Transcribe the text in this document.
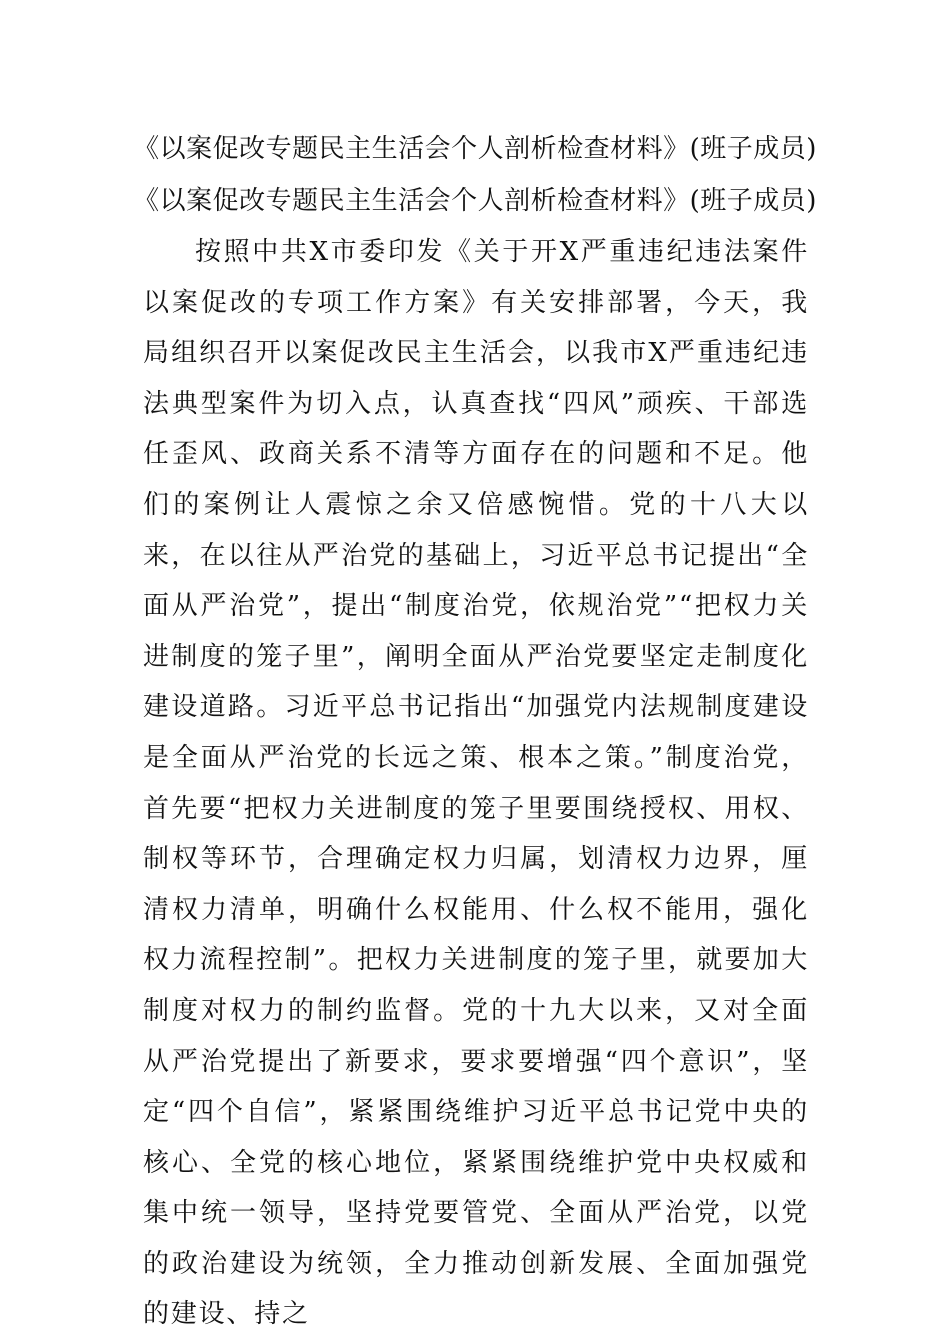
《以案促改专题民主生活会个人剖析检查材料》(班子成员)
《以案促改专题民主生活会个人剖析检查材料》(班子成员)

按照中共X市委印发《关于开X严重违纪违法案件以案促改的专项工作方案》有关安排部署，今天，我局组织召开以案促改民主生活会，以我市X严重违纪违法典型案件为切入点，认真查找“四风”顽疾、干部选任歪风、政商关系不清等方面存在的问题和不足。他们的案例让人震惊之余又倍感惋惜。党的十八大以来，在以往从严治党的基础上，习近平总书记提出“全面从严治党”，提出“制度治党，依规治党”“把权力关进制度的笼子里”，阐明全面从严治党要坚定走制度化建设道路。习近平总书记指出“加强党内法规制度建设是全面从严治党的长远之策、根本之策。”制度治党，首先要“把权力关进制度的笼子里要围绕授权、用权、制权等环节，合理确定权力归属，划清权力边界，厘清权力清单，明确什么权能用、什么权不能用，强化权力流程控制”。把权力关进制度的笼子里，就要加大制度对权力的制约监督。党的十九大以来，又对全面从严治党提出了新要求，要求要增强“四个意识”，坚定“四个自信”，紧紧围绕维护习近平总书记党中央的核心、全党的核心地位，紧紧围绕维护党中央权威和集中统一领导，坚持党要管党、全面从严治党，以党的政治建设为统领，全力推动创新发展、全面加强党的建设、持之
